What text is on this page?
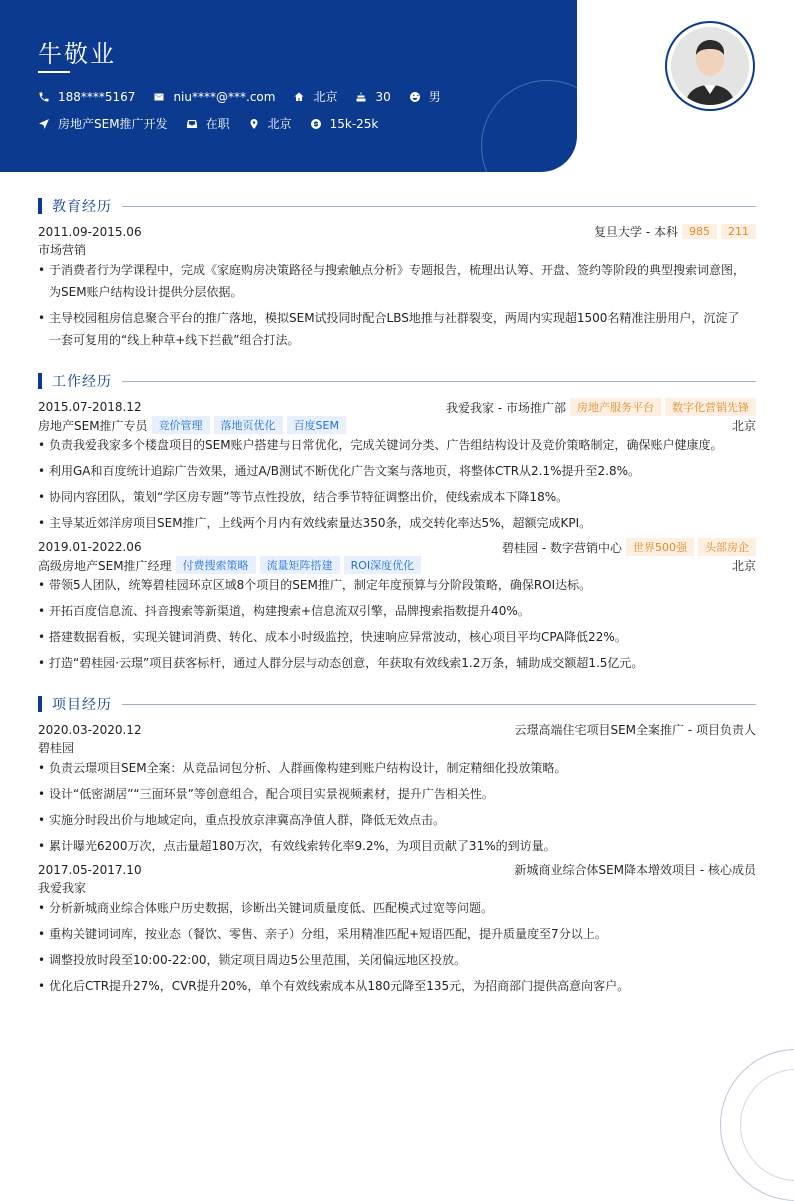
牛敬业
188****5167	niu****@***.com	北京	30	男
房地产SEM推广开发	在职	北京	15k-25k
教育经历
2011.09-2015.06	复旦大学 - 本科	985	211
市场营销
• 于消费者行为学课程中，完成《家庭购房决策路径与搜索触点分析》专题报告，梳理出认筹、开盘、签约等阶段的典型搜索词意图，为SEM账户结构设计提供分层依据。
• 主导校园租房信息聚合平台的推广落地，模拟SEM试投同时配合LBS地推与社群裂变，两周内实现超1500名精准注册用户，沉淀了一套可复用的“线上种草+线下拦截”组合打法。
工作经历
2015.07-2018.12	我爱我家 - 市场推广部	房地产服务平台	数字化营销先锋
房地产SEM推广专员	竞价管理	落地页优化	百度SEM	北京
• 负责我爱我家多个楼盘项目的SEM账户搭建与日常优化，完成关键词分类、广告组结构设计及竞价策略制定，确保账户健康度。
• 利用GA和百度统计追踪广告效果，通过A/B测试不断优化广告文案与落地页，将整体CTR从2.1%提升至2.8%。
• 协同内容团队，策划“学区房专题”等节点性投放，结合季节特征调整出价，使线索成本下降18%。
• 主导某近郊洋房项目SEM推广，上线两个月内有效线索量达350条，成交转化率达5%，超额完成KPI。
2019.01-2022.06	碧桂园 - 数字营销中心	世界500强	头部房企
高级房地产SEM推广经理	付费搜索策略	流量矩阵搭建	ROI深度优化	北京
• 带领5人团队，统筹碧桂园环京区域8个项目的SEM推广，制定年度预算与分阶段策略，确保ROI达标。
• 开拓百度信息流、抖音搜索等新渠道，构建搜索+信息流双引擎，品牌搜索指数提升40%。
• 搭建数据看板，实现关键词消费、转化、成本小时级监控，快速响应异常波动，核心项目平均CPA降低22%。
• 打造“碧桂园·云璟”项目获客标杆，通过人群分层与动态创意，年获取有效线索1.2万条，辅助成交额超1.5亿元。
项目经历
2020.03-2020.12	云璟高端住宅项目SEM全案推广 - 项目负责人
碧桂园
• 负责云璟项目SEM全案：从竞品词包分析、人群画像构建到账户结构设计，制定精细化投放策略。
• 设计“低密湖居”“三面环景”等创意组合，配合项目实景视频素材，提升广告相关性。
• 实施分时段出价与地域定向，重点投放京津冀高净值人群，降低无效点击。
• 累计曝光6200万次，点击量超180万次，有效线索转化率9.2%，为项目贡献了31%的到访量。
2017.05-2017.10	新城商业综合体SEM降本增效项目 - 核心成员
我爱我家
• 分析新城商业综合体账户历史数据，诊断出关键词质量度低、匹配模式过宽等问题。
• 重构关键词词库，按业态（餐饮、零售、亲子）分组，采用精准匹配+短语匹配，提升质量度至7分以上。
• 调整投放时段至10:00-22:00，锁定项目周边5公里范围，关闭偏远地区投放。
• 优化后CTR提升27%，CVR提升20%，单个有效线索成本从180元降至135元，为招商部门提供高意向客户。
